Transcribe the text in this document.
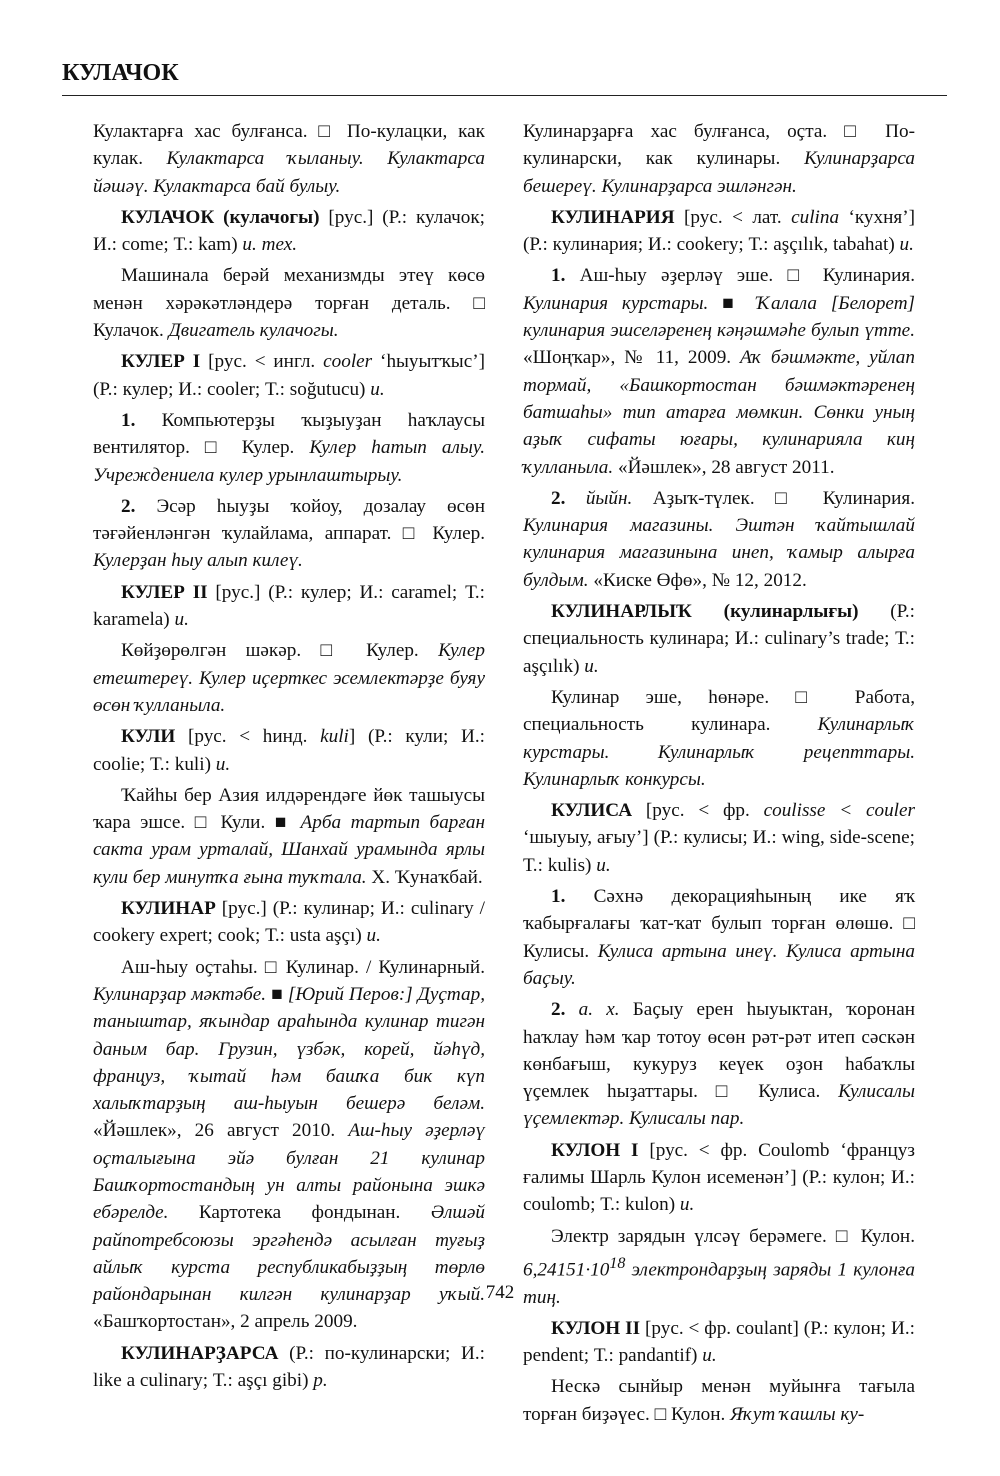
КУЛАЧОК

Кулактарға хас булғанса. □ По-кулацки, как кулак. Кулактарса ҡыланыу. Кулактарса йәшәү. Кулактарса бай булыу.

КУЛАЧОК (кулачогы) [рус.] (Р.: кулачок; И.: come; Т.: kam) и. тех.

Машинала берәй механизмды этеү көсө менән хәрәкәтләндерә торған деталь. □ Кулачок. Двигатель кулачогы.

КУЛЕР I [рус. < ингл. cooler ‘һыуытҡыс’] (Р.: кулер; И.: cooler; Т.: soğutucu) и.

1. Компьютерҙы ҡыҙыуҙан һаҡлаусы вентилятор. □ Кулер. Кулер һатып алыу. Учреждениела кулер урынлаштырыу.

2. Эсәр һыуҙы ҡойоу, дозалау өсөн тәғәйенләнгән ҡулайлама, аппарат. □ Кулер. Кулерҙан һыу алып килеү.

КУЛЕР II [рус.] (Р.: кулер; И.: caramel; Т.: karamela) и.

Көйҙөрөлгән шәкәр. □ Кулер. Кулер етештереү. Кулер иҫерткес эсемлектәрҙе буяу өсөн ҡулланыла.

КУЛИ [рус. < һинд. kuli] (Р.: кули; И.: coolie; Т.: kuli) и.

Ҡайһы бер Азия илдәрендәге йөк ташыусы ҡара эшсе. □ Кули. ■ Арба тартып барған сакта урам урталай, Шанхай урамында ярлы кули бер минутҡа ғына туҡтала. Х. Ҡунаҡбай.

КУЛИНАР [рус.] (Р.: кулинар; И.: culinary / cookery expert; cook; Т.: usta aşçı) и.

Аш-һыу оҫтаһы. □ Кулинар. / Кулинарный. Кулинарҙар мәктәбе. ■ [Юрий Перов:] Дуҫтар, таныштар, яҡындар араһында кулинар тигән даным бар. Грузин, үзбәк, корей, йәһүд, француз, ҡытай һәм башҡа бик күп халыҡтарҙың аш-һыуын бешерә беләм. «Йәшлек», 26 август 2010. Аш-һыу әҙерләү оҫталығына эйә булған 21 кулинар Башҡортостандың ун алты районына эшкә ебәрелдe. Картотека фондынан. Әлшәй райпотребсоюзы эргәһендә асылған туғыҙ айлыҡ курста республикабыҙҙың төрлө райондарынан килгән кулинарҙар уҡый. «Башҡортостан», 2 апрель 2009.

КУЛИНАРҘАРСА (Р.: по-кулинарски; И.: like a culinary; Т.: aşçı gibi) р.

Кулинарҙарға хас булғанса, оҫта. □ По-кулинарски, как кулинары. Кулинарҙарса бешереү. Кулинарҙарса эшләнгән.

КУЛИНАРИЯ [рус. < лат. culina ‘кухня’] (Р.: кулинария; И.: cookery; Т.: aşçılık, tabahat) и.

1. Аш-һыу әҙерләү эше. □ Кулинария. Кулинария курстары. ■ Ҡалала [Белорет] кулинария эшселәренең кәңәшмәһе булып үтте. «Шоңҡар», № 11, 2009. Аҡ бәшмәкте, уйлап тормай, «Башкортостан бәшмәктәренең батшаһы» тип атарға мөмкин. Сөнки уның аҙыҡ сифаты юғары, кулинарияла киң ҡулланыла. «Йәшлек», 28 август 2011.

2. йыйн. Аҙыҡ-түлек. □ Кулинария. Кулинария магазины. Эштән ҡайтышлай кулинария магазинына инеп, ҡамыр алырға булдым. «Киске Өфө», № 12, 2012.

КУЛИНАРЛЫҠ (кулинарлығы) (Р.: специальность кулинара; И.: culinary’s trade; Т.: aşçılık) и.

Кулинар эше, һөнәре. □ Работа, специальность кулинара. Кулинарлыҡ курстары. Кулинарлыҡ рецепттары. Кулинарлыҡ конкурсы.

КУЛИСА [рус. < фр. coulisse < couler ‘шыуыу, ағыу’] (Р.: кулисы; И.: wing, side-scene; Т.: kulis) и.

1. Сәхнә декорацияһының ике яҡ ҡабырғалағы ҡат-ҡат булып торған өлөшө. □ Кулисы. Кулиса артына инеү. Кулиса артына баҫыу.

2. а. х. Баҫыу ерен һыуыктан, ҡоронан һаҡлау һәм ҡар тотоу өсөн рәт-рәт итеп сәскән көнбағыш, кукуруз кеүек оҙон һабаҡлы үҫемлек һыҙаттары. □ Кулиса. Кулисалы үҫемлектәр. Кулисалы пар.

КУЛОН I [рус. < фр. Coulomb ‘француз ғалимы Шарль Кулон исеменән’] (Р.: кулон; И.: coulomb; Т.: kulon) и.

Электр зарядын үлсәү берәмеге. □ Кулон. $6,24151\cdot 10^{18}$ электрондарҙың заряды 1 кулонға тиң.

КУЛОН II [рус. < фр. coulant] (Р.: кулон; И.: pendent; Т.: pandantif) и.

Нескә сынйыр менән муйынға тағыла торған биҙәүес. □ Кулон. Яҡут ҡашлы ку-

742
